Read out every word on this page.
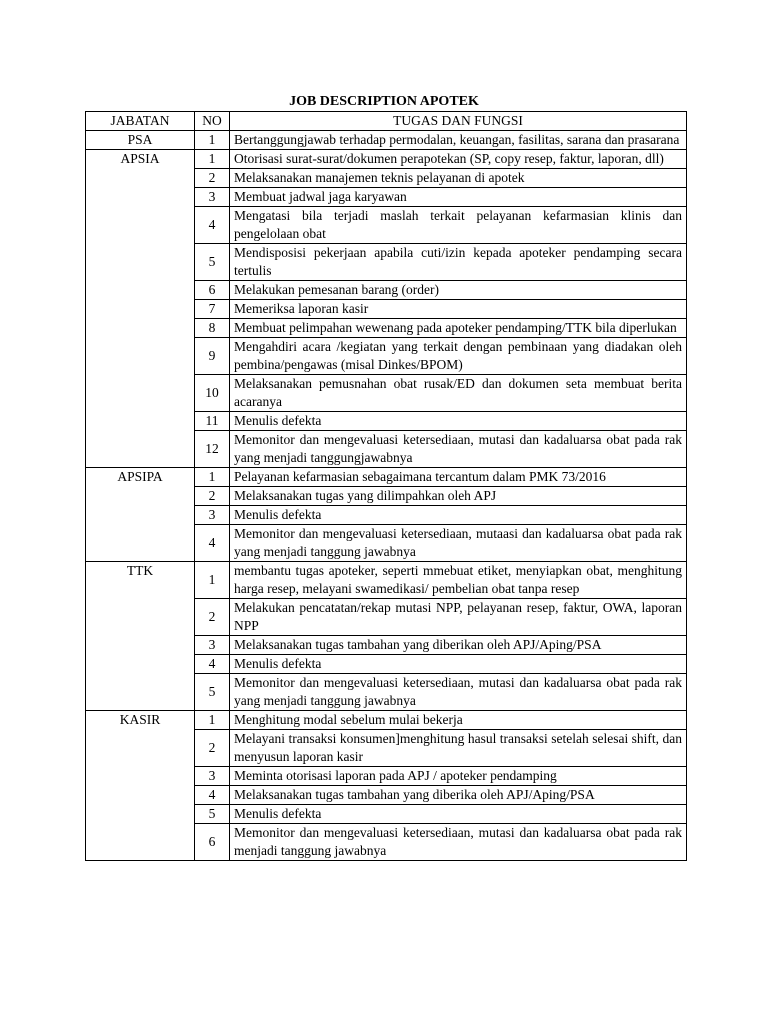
JOB DESCRIPTION APOTEK
JABATAN	NO	TUGAS DAN FUNGSI
PSA	1	Bertanggungjawab terhadap permodalan, keuangan, fasilitas, sarana dan prasarana
APSIA	1	Otorisasi surat-surat/dokumen perapotekan (SP, copy resep, faktur, laporan, dll)
	2	Melaksanakan manajemen teknis pelayanan di apotek
	3	Membuat jadwal jaga karyawan
	4	Mengatasi bila terjadi maslah terkait pelayanan kefarmasian klinis dan pengelolaan obat
	5	Mendisposisi pekerjaan apabila cuti/izin kepada apoteker pendamping secara tertulis
	6	Melakukan pemesanan barang (order)
	7	Memeriksa laporan kasir
	8	Membuat pelimpahan wewenang pada apoteker pendamping/TTK bila diperlukan
	9	Mengahdiri acara /kegiatan yang terkait dengan pembinaan yang diadakan oleh pembina/pengawas (misal Dinkes/BPOM)
	10	Melaksanakan pemusnahan obat rusak/ED dan dokumen seta membuat berita acaranya
	11	Menulis defekta
	12	Memonitor dan mengevaluasi ketersediaan, mutasi dan kadaluarsa obat pada rak yang menjadi tanggungjawabnya
APSIPA	1	Pelayanan kefarmasian sebagaimana tercantum dalam PMK 73/2016
	2	Melaksanakan tugas yang dilimpahkan oleh APJ
	3	Menulis defekta
	4	Memonitor dan mengevaluasi ketersediaan, mutaasi dan kadaluarsa obat pada rak yang menjadi tanggung jawabnya
TTK	1	membantu tugas apoteker, seperti mmebuat etiket, menyiapkan obat, menghitung harga resep, melayani swamedikasi/ pembelian obat tanpa resep
	2	Melakukan pencatatan/rekap mutasi NPP, pelayanan resep, faktur, OWA, laporan NPP
	3	Melaksanakan tugas tambahan yang diberikan oleh APJ/Aping/PSA
	4	Menulis defekta
	5	Memonitor dan mengevaluasi ketersediaan, mutasi dan kadaluarsa obat pada rak yang menjadi tanggung jawabnya
KASIR	1	Menghitung modal sebelum mulai bekerja
	2	Melayani transaksi konsumen]menghitung hasul transaksi setelah selesai shift, dan menyusun laporan kasir
	3	Meminta otorisasi laporan pada APJ / apoteker pendamping
	4	Melaksanakan tugas tambahan yang diberika oleh APJ/Aping/PSA
	5	Menulis defekta
	6	Memonitor dan mengevaluasi ketersediaan, mutasi dan kadaluarsa obat pada rak menjadi tanggung jawabnya
